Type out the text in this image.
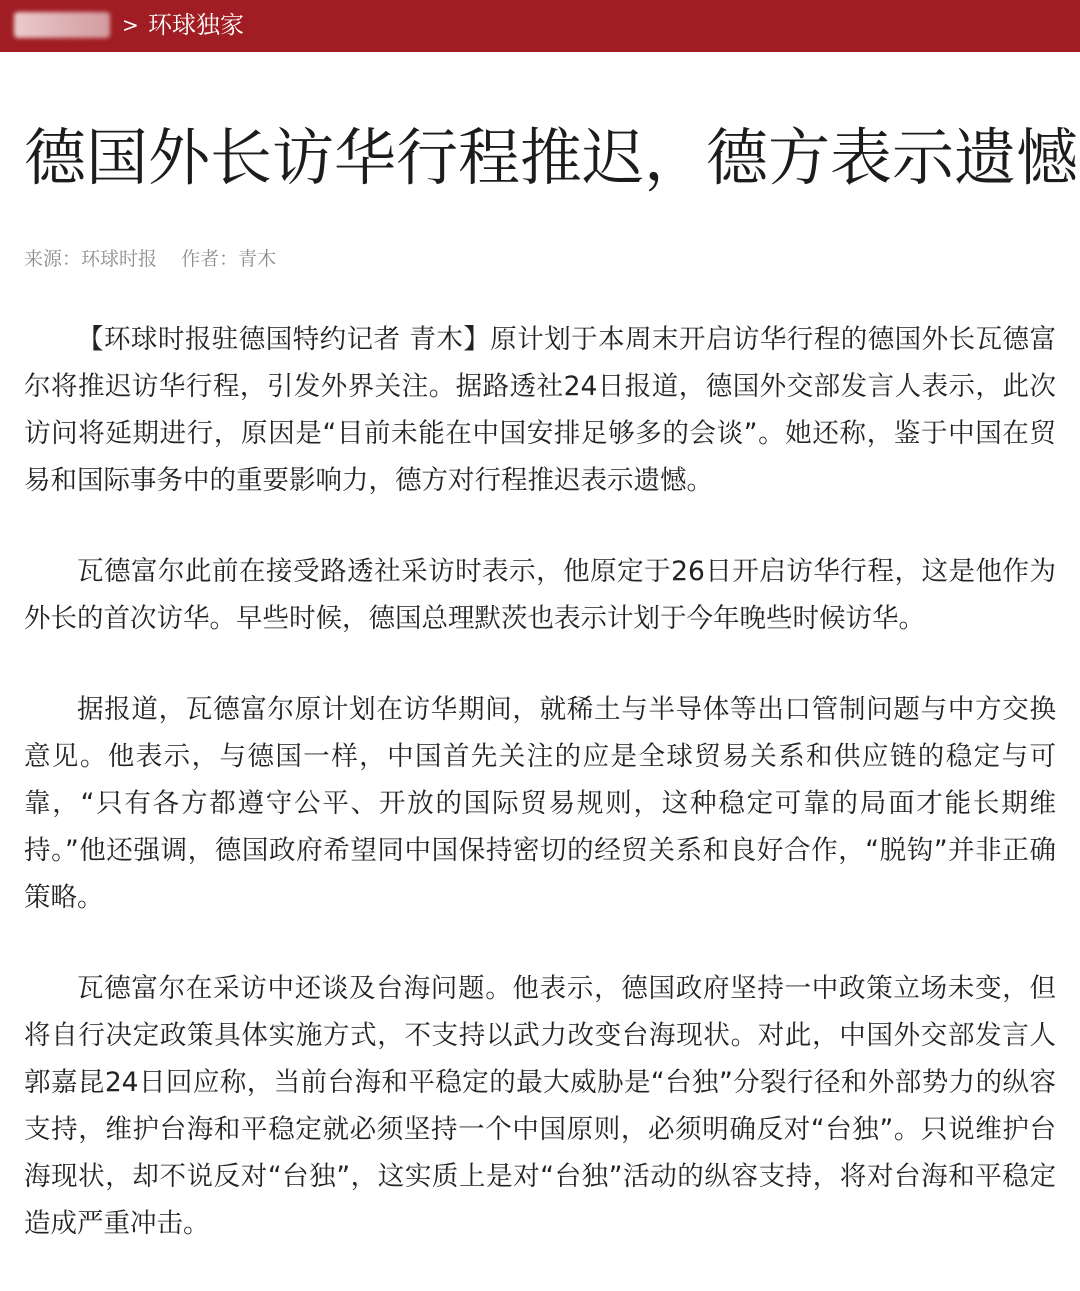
> 环球独家
德国外长访华行程推迟，德方表示遗憾
来源：环球时报 作者：青木

【环球时报驻德国特约记者 青木】原计划于本周末开启访华行程的德国外长瓦德富尔将推迟访华行程，引发外界关注。据路透社24日报道，德国外交部发言人表示，此次访问将延期进行，原因是“目前未能在中国安排足够多的会谈”。她还称，鉴于中国在贸易和国际事务中的重要影响力，德方对行程推迟表示遗憾。

瓦德富尔此前在接受路透社采访时表示，他原定于26日开启访华行程，这是他作为外长的首次访华。早些时候，德国总理默茨也表示计划于今年晚些时候访华。

据报道，瓦德富尔原计划在访华期间，就稀土与半导体等出口管制问题与中方交换意见。他表示，与德国一样，中国首先关注的应是全球贸易关系和供应链的稳定与可靠，“只有各方都遵守公平、开放的国际贸易规则，这种稳定可靠的局面才能长期维持。”他还强调，德国政府希望同中国保持密切的经贸关系和良好合作，“脱钩”并非正确策略。

瓦德富尔在采访中还谈及台海问题。他表示，德国政府坚持一中政策立场未变，但将自行决定政策具体实施方式，不支持以武力改变台海现状。对此，中国外交部发言人郭嘉昆24日回应称，当前台海和平稳定的最大威胁是“台独”分裂行径和外部势力的纵容支持，维护台海和平稳定就必须坚持一个中国原则，必须明确反对“台独”。只说维护台海现状，却不说反对“台独”，这实质上是对“台独”活动的纵容支持，将对台海和平稳定造成严重冲击。
